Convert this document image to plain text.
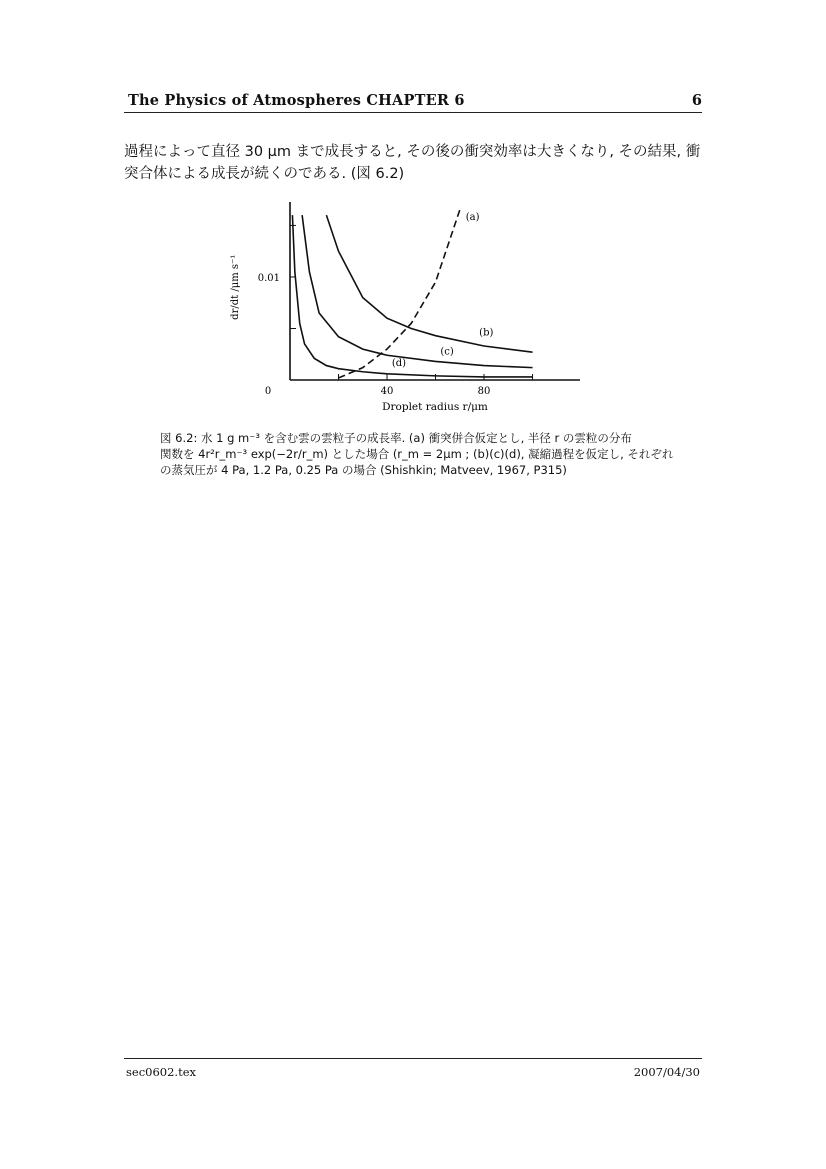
The Physics of Atmospheres CHAPTER 6	6
過程によって直径 30 μm まで成長すると, その後の衝突効率は大きくなり, その結果, 衝
突合体による成長が続くのである. (図 6.2)
0	40	80
0.01
Droplet radius r/μm
dr/dt /μm s⁻¹
(a)
(b)
(c)
(d)
図 6.2: 水 1 g m⁻³ を含む雲の雲粒子の成長率. (a) 衝突併合仮定とし, 半径 r の雲粒の分布
関数を 4r²r_m⁻³ exp(−2r/r_m) とした場合 (r_m = 2μm ; (b)(c)(d), 凝縮過程を仮定し, それぞれ
の蒸気圧が 4 Pa, 1.2 Pa, 0.25 Pa の場合 (Shishkin; Matveev, 1967, P315)
sec0602.tex	2007/04/30
